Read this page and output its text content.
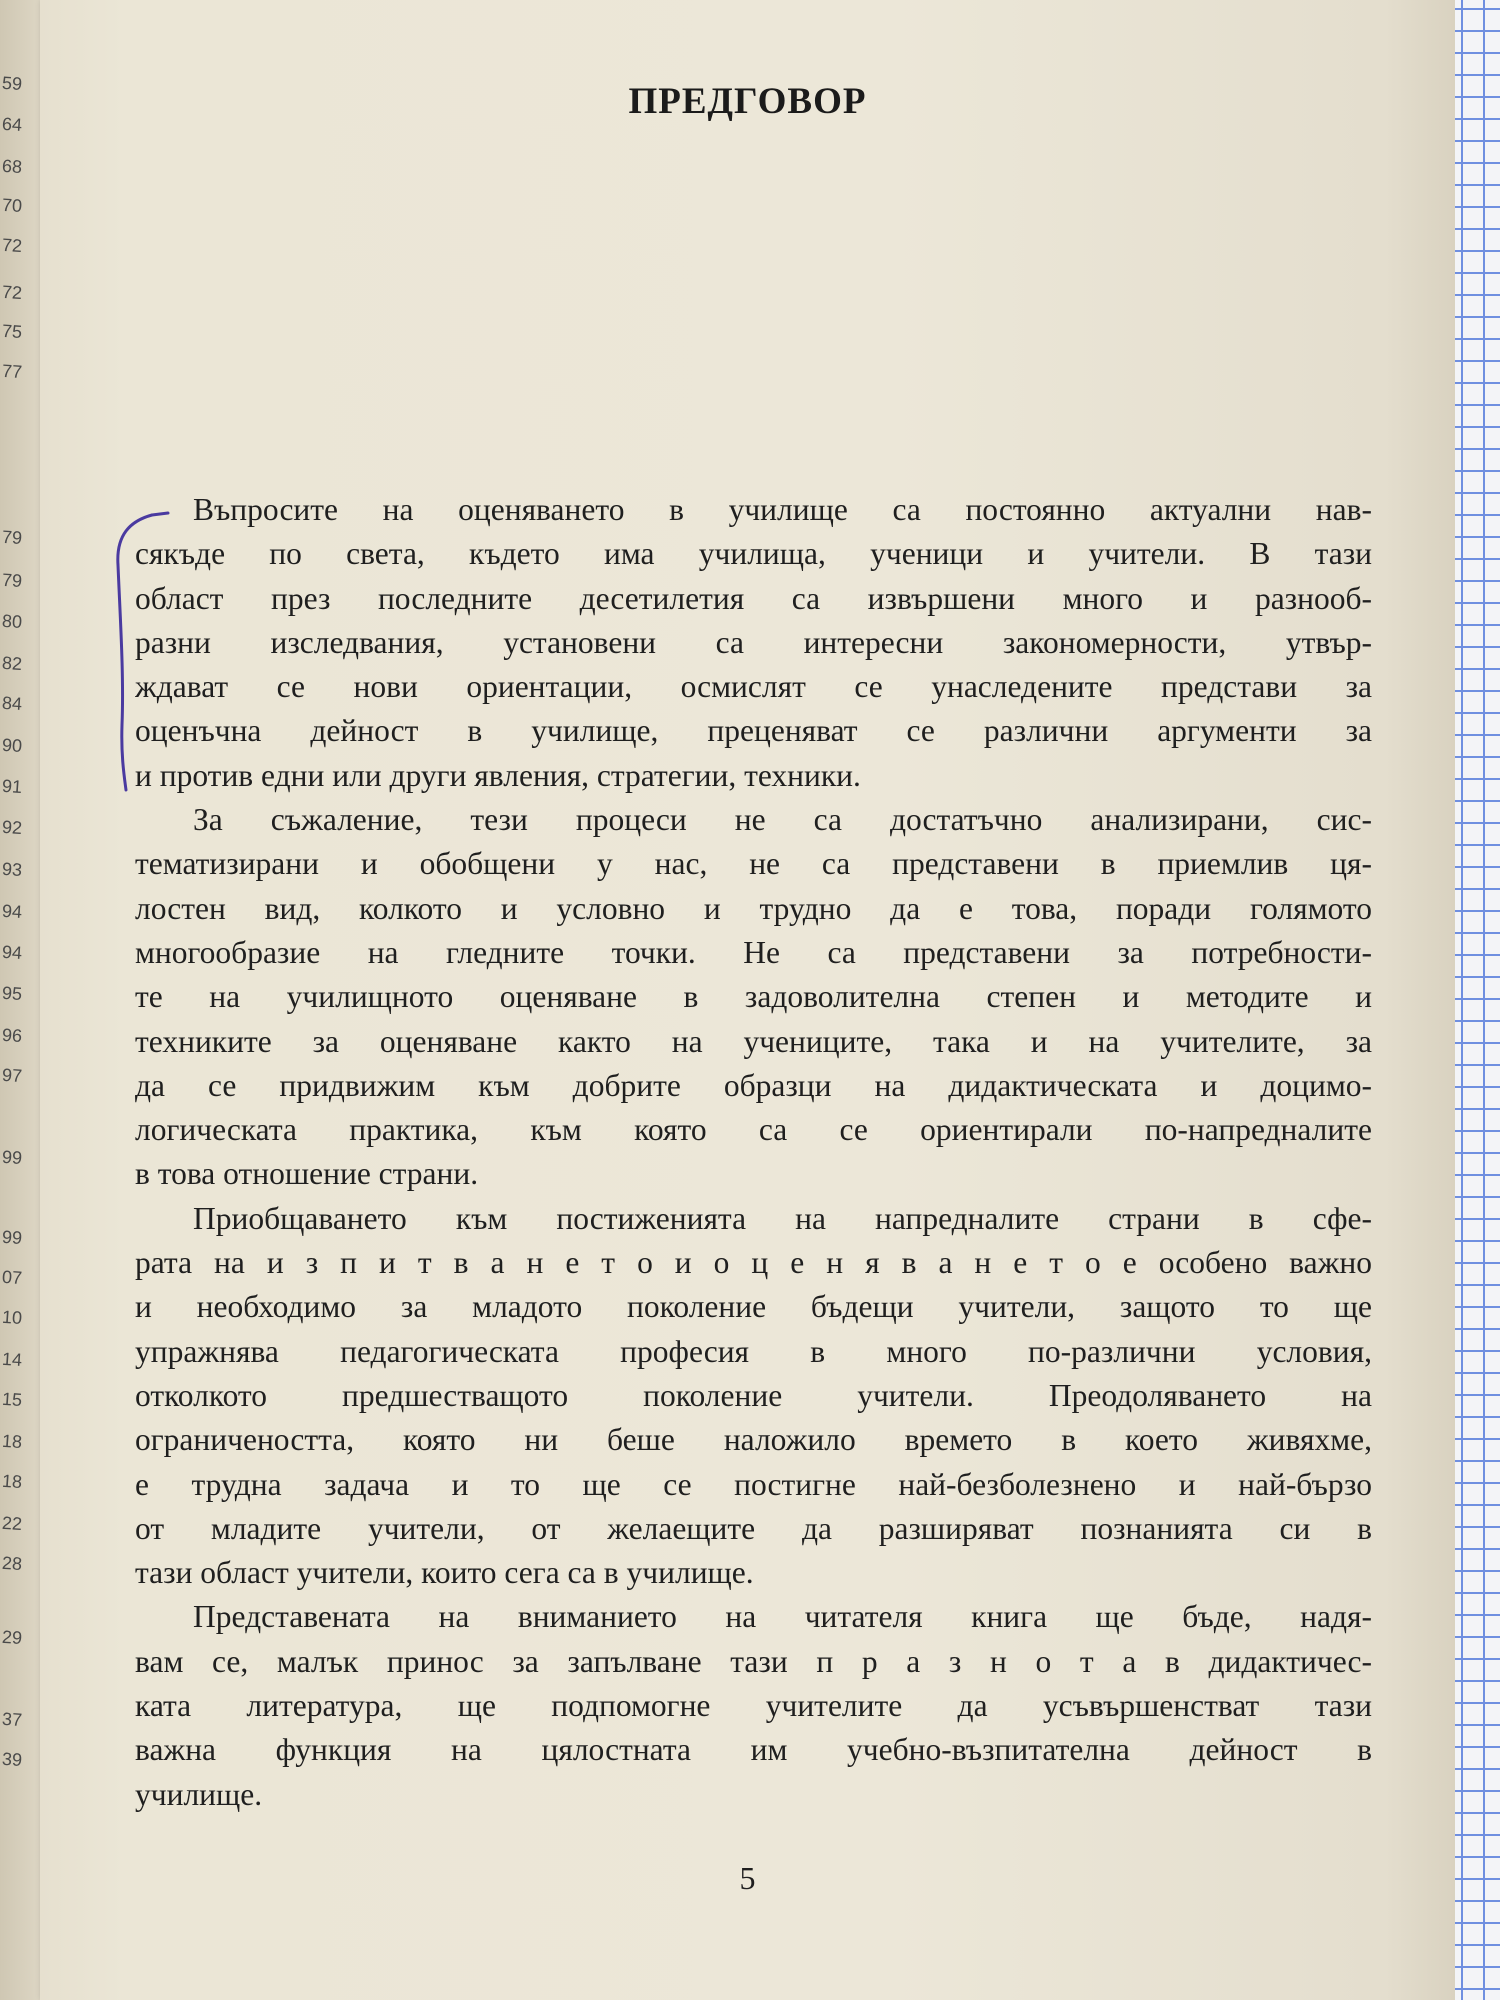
59
64
68
70
72
72
75
77
79
79
80
82
84
90
91
92
93
94
94
95
96
97
99
99
07
10
14
15
18
18
22
28
29
37
39
ПРЕДГОВОР
Въпросите на оценяването в училище са постоянно актуални нав-
сякъде по света, където има училища, ученици и учители. В тази
област през последните десетилетия са извършени много и разнооб-
разни изследвания, установени са интересни закономерности, утвър-
ждават се нови ориентации, осмислят се унаследените представи за
оценъчна дейност в училище, преценяват се различни аргументи за
и против едни или други явления, стратегии, техники.
За съжаление, тези процеси не са достатъчно анализирани, сис-
тематизирани и обобщени у нас, не са представени в приемлив ця-
лостен вид, колкото и условно и трудно да е това, поради голямото
многообразие на гледните точки. Не са представени за потребности-
те на училищното оценяване в задоволителна степен и методите и
техниките за оценяване както на учениците, така и на учителите, за
да се придвижим към добрите образци на дидактическата и доцимо-
логическата практика, към която са се ориентирали по-напредналите
в това отношение страни.
Приобщаването към постиженията на напредналите страни в сфе-
рата на и з п и т в а н е т о и о ц е н я в а н е т о е особено важно
и необходимо за младото поколение бъдещи учители, защото то ще
упражнява педагогическата професия в много по-различни условия,
отколкото предшестващото поколение учители. Преодоляването на
ограничеността, която ни беше наложило времето в което живяхме,
е трудна задача и то ще се постигне най-безболезнено и най-бързо
от младите учители, от желаещите да разширяват познанията си в
тази област учители, които сега са в училище.
Представената на вниманието на читателя книга ще бъде, надя-
вам се, малък принос за запълване тази п р а з н о т а в дидактичес-
ката литература, ще подпомогне учителите да усъвършенстват тази
важна функция на цялостната им учебно-възпитателна дейност в
училище.
5
